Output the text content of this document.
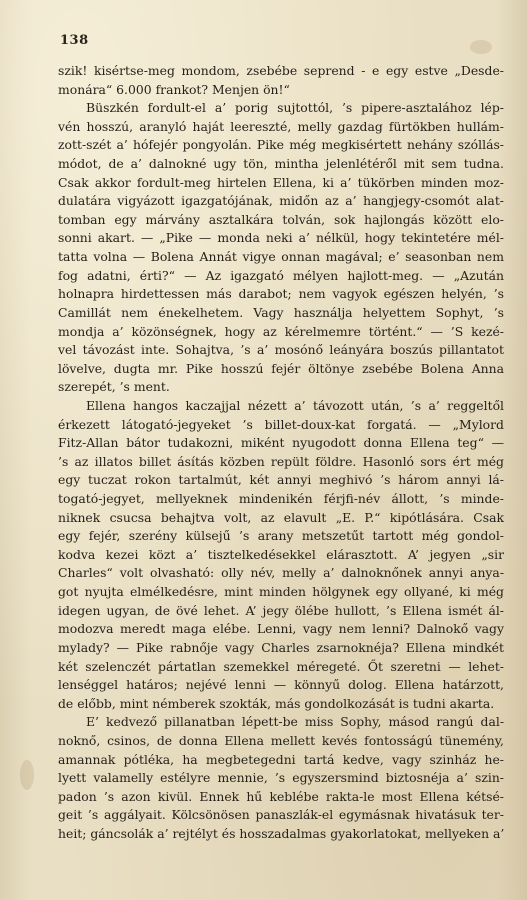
138
szik! kisértse-meg mondom, zsebébe seprend - e egy estve „Desde-
monára“ 6.000 frankot? Menjen ön!“
Büszkén fordult-el a’ porig sujtottól, ’s pipere-asztalához lép-
vén hosszú, aranyló haját leereszté, melly gazdag fürtökben hullám-
zott-szét a’ hófejér pongyolán. Pike még megkisértett nehány szóllás-
módot, de a’ dalnokné ugy tön, mintha jelenlétéről mit sem tudna.
Csak akkor fordult-meg hirtelen Ellena, ki a’ tükörben minden moz-
dulatára vigyázott igazgatójának, midőn az a’ hangjegy-csomót alat-
tomban egy márvány asztalkára tolván, sok hajlongás között elo-
sonni akart. — „Pike — monda neki a’ nélkül, hogy tekintetére mél-
tatta volna — Bolena Annát vigye onnan magával; e’ seasonban nem
fog adatni, érti?“ — Az igazgató mélyen hajlott-meg. — „Azután
holnapra hirdettessen más darabot; nem vagyok egészen helyén, ’s
Camillát nem énekelhetem. Vagy használja helyettem Sophyt, ’s
mondja a’ közönségnek, hogy az kérelmemre történt.“ — ’S kezé-
vel távozást inte. Sohajtva, ’s a’ mosónő leányára boszús pillantatot
lövelve, dugta mr. Pike hosszú fejér öltönye zsebébe Bolena Anna
szerepét, ’s ment.
Ellena hangos kaczajjal nézett a’ távozott után, ’s a’ reggeltől
érkezett látogató-jegyeket ’s billet-doux-kat forgatá. — „Mylord
Fitz-Allan bátor tudakozni, miként nyugodott donna Ellena teg“ —
’s az illatos billet ásítás közben repült földre. Hasonló sors ért még
egy tuczat rokon tartalmút, két annyi meghivó ’s három annyi lá-
togató-jegyet, mellyeknek mindenikén férjfi-név állott, ’s minde-
niknek csucsa behajtva volt, az elavult „E. P.“ kipótlására. Csak
egy fejér, szerény külsejű ’s arany metszetűt tartott még gondol-
kodva kezei közt a’ tisztelkedésekkel elárasztott. A’ jegyen „sir
Charles“ volt olvasható: olly név, melly a’ dalnoknőnek annyi anya-
got nyujta elmélkedésre, mint minden hölgynek egy ollyané, ki még
idegen ugyan, de övé lehet. A’ jegy ölébe hullott, ’s Ellena ismét ál-
modozva meredt maga elébe. Lenni, vagy nem lenni? Dalnokő vagy
mylady? — Pike rabnője vagy Charles zsarnoknéja? Ellena mindkét
két szelenczét pártatlan szemekkel méregeté. Őt szeretni — lehet-
lenséggel határos; nejévé lenni — könnyű dolog. Ellena határzott,
de előbb, mint némberek szokták, más gondolkozását is tudni akarta.
E’ kedvező pillanatban lépett-be miss Sophy, másod rangú dal-
noknő, csinos, de donna Ellena mellett kevés fontosságú tünemény,
amannak pótléka, ha megbetegedni tartá kedve, vagy szinház he-
lyett valamelly estélyre mennie, ’s egyszersmind biztosnéja a’ szin-
padon ’s azon kivül. Ennek hű keblébe rakta-le most Ellena kétsé-
geit ’s aggályait. Kölcsönösen panaszlák-el egymásnak hivatásuk ter-
heit; gáncsolák a’ rejtélyt és hosszadalmas gyakorlatokat, mellyeken a’
